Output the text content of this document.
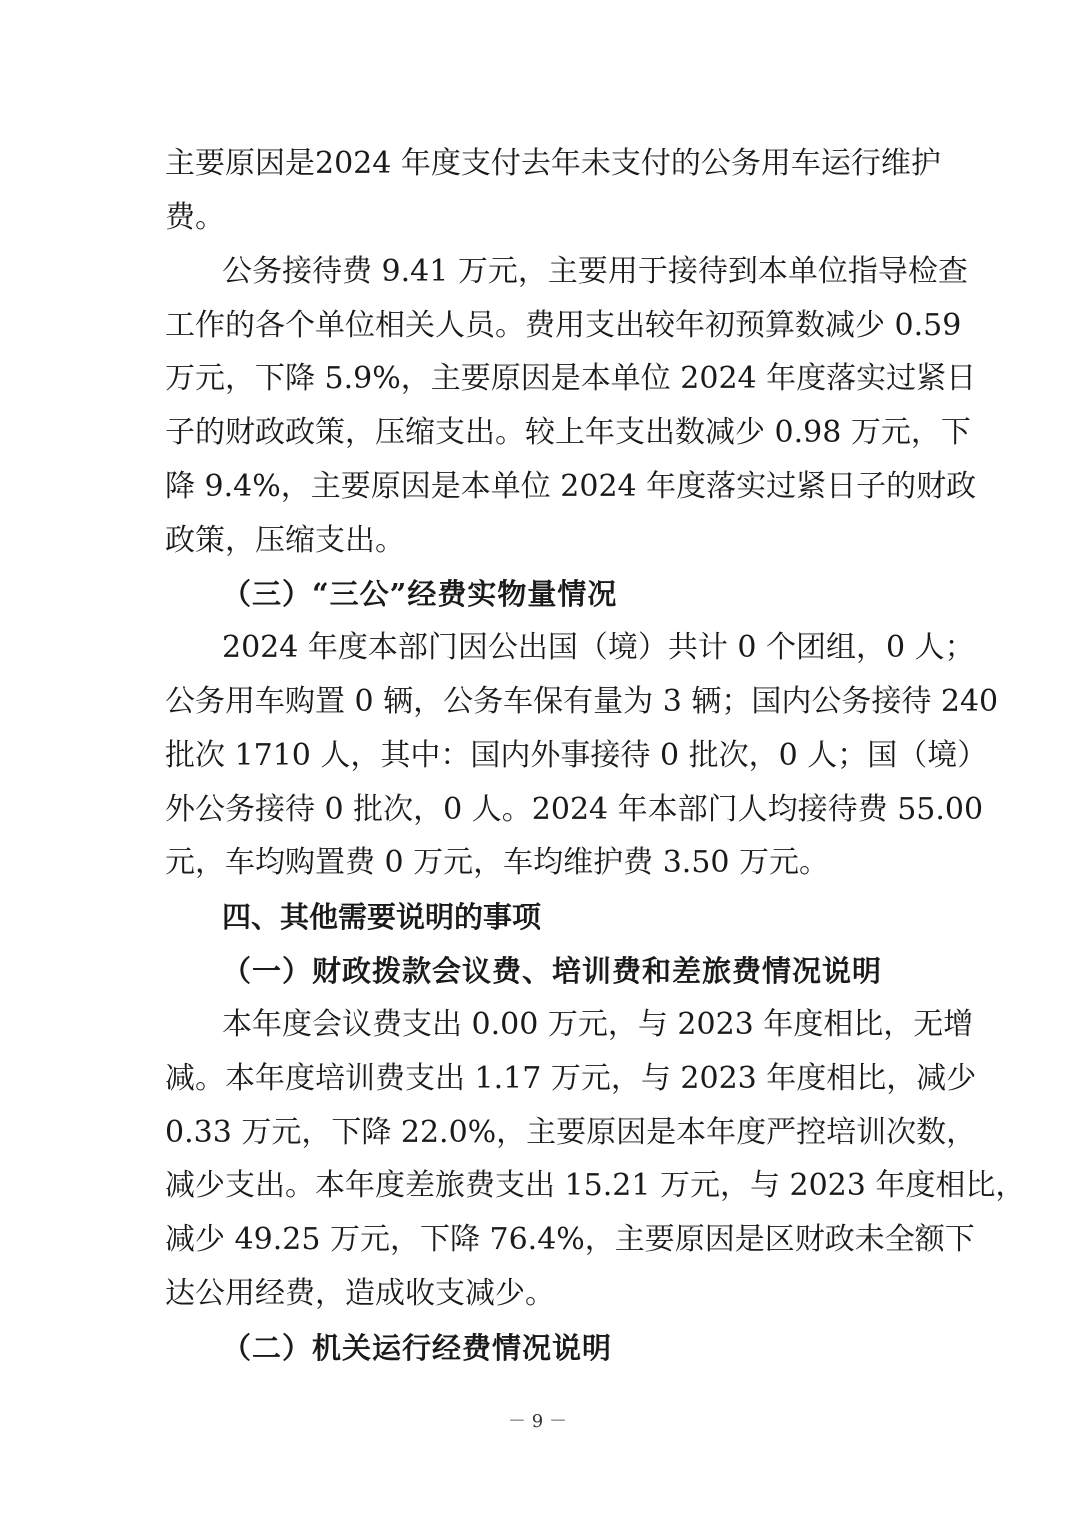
主要原因是2024 年度支付去年未支付的公务用车运行维护
费。
公务接待费 9.41 万元，主要用于接待到本单位指导检查
工作的各个单位相关人员。费用支出较年初预算数减少 0.59
万元，下降 5.9%，主要原因是本单位 2024 年度落实过紧日
子的财政政策，压缩支出。较上年支出数减少 0.98 万元，下
降 9.4%，主要原因是本单位 2024 年度落实过紧日子的财政
政策，压缩支出。
（三）“三公”经费实物量情况
2024 年度本部门因公出国（境）共计 0 个团组，0 人；
公务用车购置 0 辆，公务车保有量为 3 辆；国内公务接待 240
批次 1710 人，其中：国内外事接待 0 批次，0 人；国（境）
外公务接待 0 批次，0 人。2024 年本部门人均接待费 55.00
元，车均购置费 0 万元，车均维护费 3.50 万元。
四、其他需要说明的事项
（一）财政拨款会议费、培训费和差旅费情况说明
本年度会议费支出 0.00 万元，与 2023 年度相比，无增
减。本年度培训费支出 1.17 万元，与 2023 年度相比，减少
0.33 万元，下降 22.0%，主要原因是本年度严控培训次数，
减少支出。本年度差旅费支出 15.21 万元，与 2023 年度相比，
减少 49.25 万元，下降 76.4%，主要原因是区财政未全额下
达公用经费，造成收支减少。
（二）机关运行经费情况说明
－ 9 －
